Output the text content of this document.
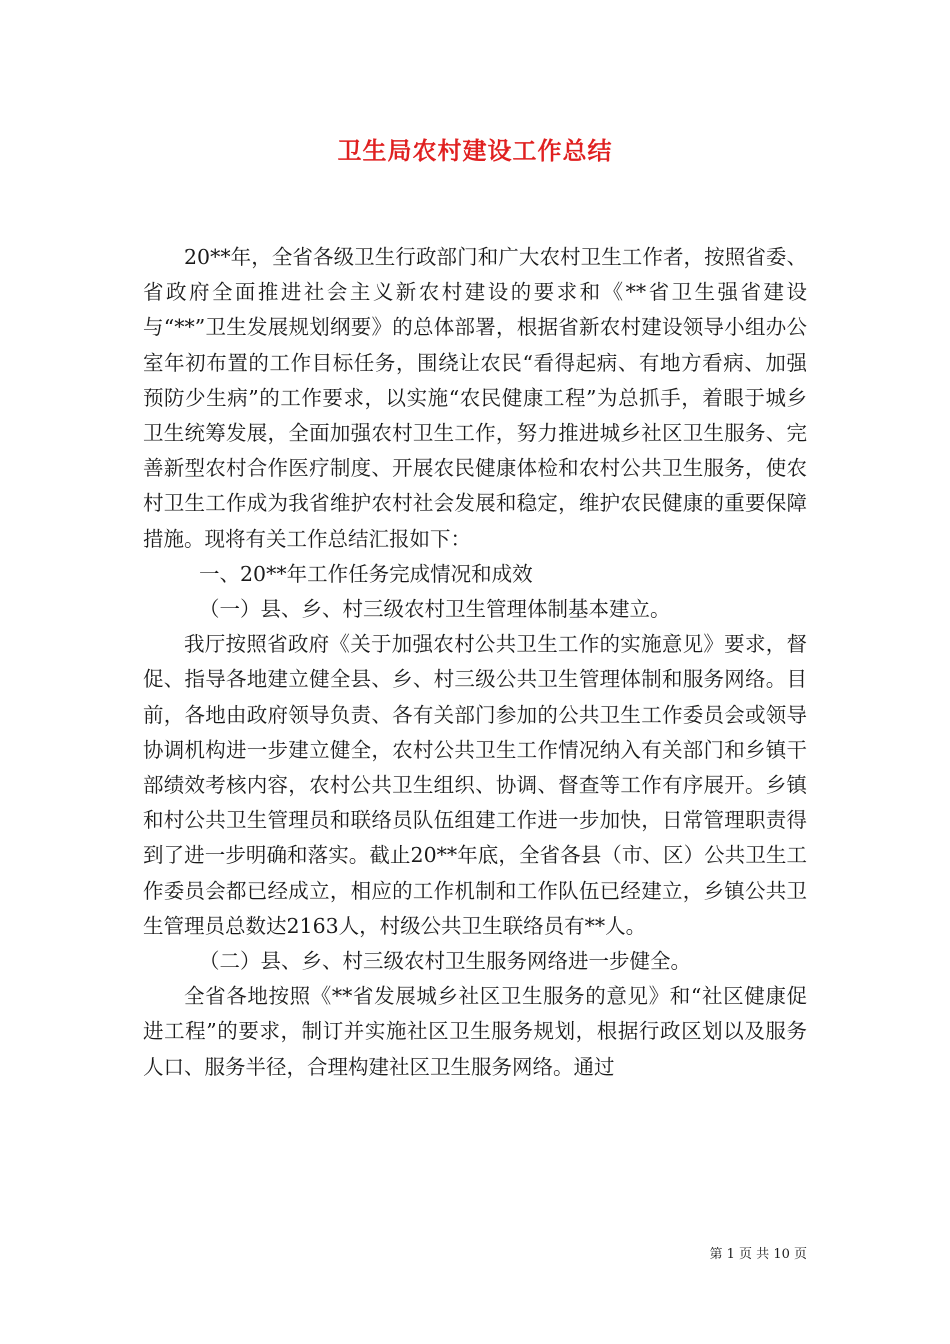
卫生局农村建设工作总结

20**年，全省各级卫生行政部门和广大农村卫生工作者，按照省委、省政府全面推进社会主义新农村建设的要求和《**省卫生强省建设与“**”卫生发展规划纲要》的总体部署，根据省新农村建设领导小组办公室年初布置的工作目标任务，围绕让农民“看得起病、有地方看病、加强预防少生病”的工作要求，以实施“农民健康工程”为总抓手，着眼于城乡卫生统筹发展，全面加强农村卫生工作，努力推进城乡社区卫生服务、完善新型农村合作医疗制度、开展农民健康体检和农村公共卫生服务，使农村卫生工作成为我省维护农村社会发展和稳定，维护农民健康的重要保障措施。现将有关工作总结汇报如下：

一、20**年工作任务完成情况和成效

（一）县、乡、村三级农村卫生管理体制基本建立。

我厅按照省政府《关于加强农村公共卫生工作的实施意见》要求，督促、指导各地建立健全县、乡、村三级公共卫生管理体制和服务网络。目前，各地由政府领导负责、各有关部门参加的公共卫生工作委员会或领导协调机构进一步建立健全，农村公共卫生工作情况纳入有关部门和乡镇干部绩效考核内容，农村公共卫生组织、协调、督查等工作有序展开。乡镇和村公共卫生管理员和联络员队伍组建工作进一步加快，日常管理职责得到了进一步明确和落实。截止20**年底，全省各县（市、区）公共卫生工作委员会都已经成立，相应的工作机制和工作队伍已经建立，乡镇公共卫生管理员总数达2163人，村级公共卫生联络员有**人。

（二）县、乡、村三级农村卫生服务网络进一步健全。

全省各地按照《**省发展城乡社区卫生服务的意见》和“社区健康促进工程”的要求，制订并实施社区卫生服务规划，根据行政区划以及服务人口、服务半径，合理构建社区卫生服务网络。通过

第 1 页 共 10 页
